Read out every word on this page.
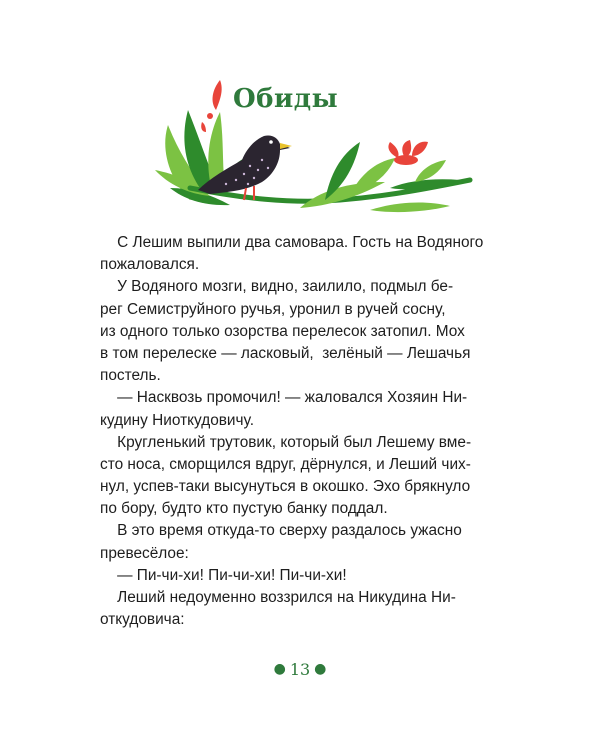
Обиды
С Лешим выпили два самовара. Гость на Водяного
пожаловался.
У Водяного мозги, видно, заилило, подмыл бе-
рег Семиструйного ручья, уронил в ручей сосну,
из одного только озорства перелесок затопил. Мох
в том перелеске — ласковый,  зелёный — Лешачья
постель.
— Насквозь промочил! — жаловался Хозяин Ни-
кудину Ниоткудовичу.
Кругленький трутовик, который был Лешему вме-
сто носа, сморщился вдруг, дёрнулся, и Леший чих-
нул, успев-таки высунуться в окошко. Эхо брякнуло
по бору, будто кто пустую банку поддал.
В это время откуда-то сверху раздалось ужасно
превесёлое:
— Пи-чи-хи! Пи-чи-хи! Пи-чи-хи!
Леший недоуменно воззрился на Никудина Ни-
откудовича:
● 13 ●
